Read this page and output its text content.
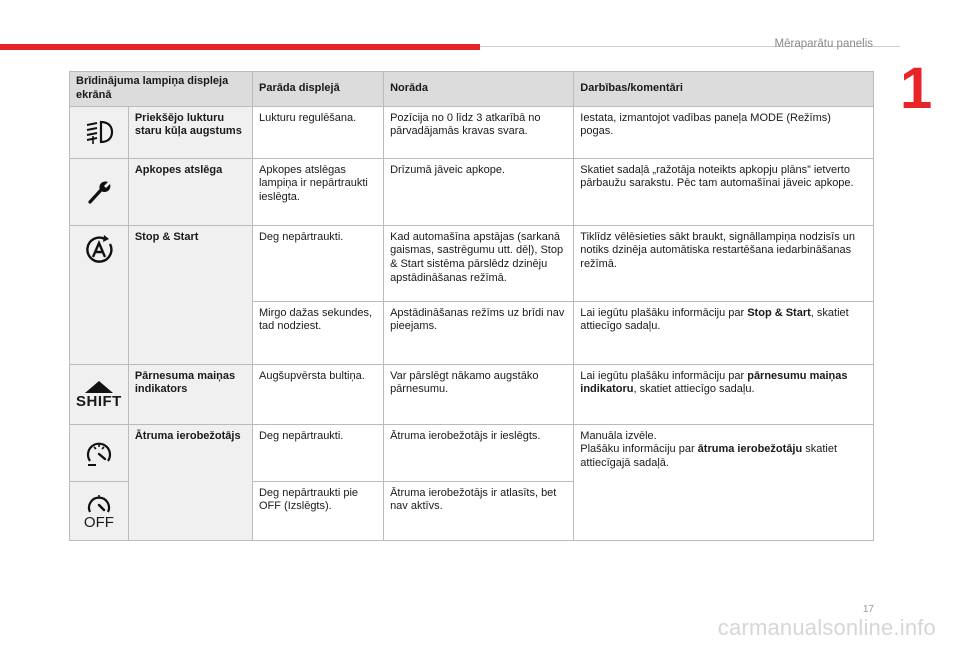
Mēraparātu panelis
1
Brīdinājuma lampiņa displeja ekrānā		Parāda displejā	Norāda	Darbības/komentāri

	Priekšējo lukturu staru kūļa augstums	Lukturu regulēšana.	Pozīcija no 0 līdz 3 atkarībā no pārvadājamās kravas svara.	Iestata, izmantojot vadības paneļa MODE (Režīms) pogas.

	Apkopes atslēga	Apkopes atslēgas lampiņa ir nepārtraukti ieslēgta.	Drīzumā jāveic apkope.	Skatiet sadaļā „ražotāja noteikts apkopju plāns” ietverto pārbaužu sarakstu. Pēc tam automašīnai jāveic apkope.

	Stop & Start	Deg nepārtraukti.	Kad automašīna apstājas (sarkanā gaismas, sastrēgumu utt. dēļ), Stop & Start sistēma pārslēdz dzinēju apstādināšanas režīmā.	Tiklīdz vēlēsieties sākt braukt, signāllampiņa nodzisīs un notiks dzinēja automātiska restartēšana iedarbināšanas režīmā.
		Mirgo dažas sekundes, tad nodziest.	Apstādināšanas režīms uz brīdi nav pieejams.	Lai iegūtu plašāku informāciju par Stop & Start, skatiet attiecīgo sadaļu.

SHIFT	Pārnesuma maiņas indikators	Augšupvērsta bultiņa.	Var pārslēgt nākamo augstāko pārnesumu.	Lai iegūtu plašāku informāciju par pārnesumu maiņas indikatoru, skatiet attiecīgo sadaļu.

	Ātruma ierobežotājs	Deg nepārtraukti.	Ātruma ierobežotājs ir ieslēgts.	Manuāla izvēle.
Plašāku informāciju par ātruma ierobežotāju skatiet attiecīgajā sadaļā.

OFF		Deg nepārtraukti pie OFF (Izslēgts).	Ātruma ierobežotājs ir atlasīts, bet nav aktīvs.	
17
carmanualsonline.info
